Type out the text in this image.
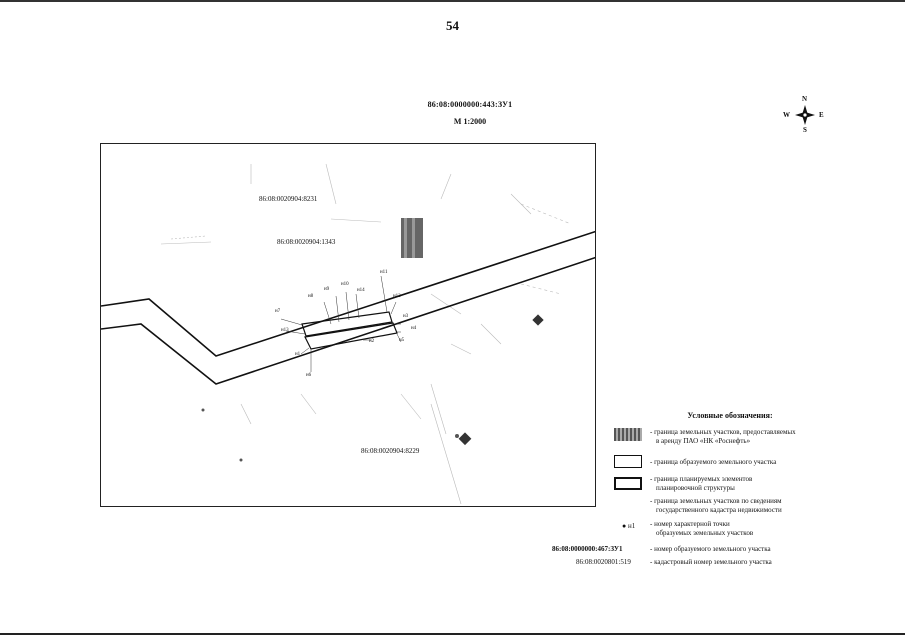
54
86:08:0000000:443:ЗУ1
М 1:2000
N
S
W	E
86:08:0020904:8231
86:08:0020904:1343
86:08:0020904:8229
н8
н9
н10
н14
н11
н12
н7
н13
н3
н4
н5
н2
н1
н6
Условные обозначения:
- граница земельных участков, предоставляемых
в аренду ПАО «НК «Роснефть»
- граница образуемого земельного участка
- граница планируемых элементов
планировочной структуры
- граница земельных участков по сведениям
государственного кадастра недвижимости
● н1 - номер характерной точки
образуемых земельных участков
86:08:0000000:467:ЗУ1	- номер образуемого земельного участка
86:08:0020801:519	- кадастровый номер земельного участка
